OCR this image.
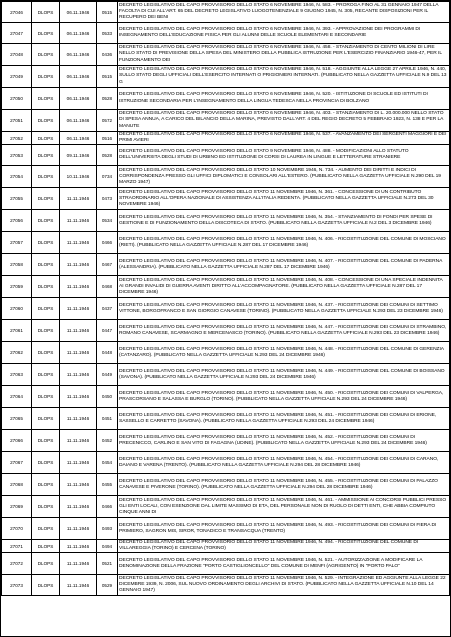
27046	DLOPS	06.11.1946	0515	DECRETO LEGISLATIVO DEL CAPO PROVVISORIO DELLO STATO 6 NOVEMBRE 1946, N. 583. - PROROGA FINO AL 31 GENNAIO 1947 DELLA FACOLTA DI CUI ALL'ART. 65 DEL DECRETO LEGISLATIVO LUOGOTENENZIALE 9 GIUGNO 1945, N. 305, RECANTE DISPOSIZIONI PER IL RECUPERO DEI BENI

27047	DLOPS	06.11.1946	0533	DECRETO LEGISLATIVO DEL CAPO PROVVISORIO DELLO STATO 6 NOVEMBRE 1946, N. 393. - APPROVAZIONE DEI PROGRAMMI DI INSEGNAMENTO DELL'EDUCAZIONE FISICA PER GLI ALUNNI DELLE SCUOLE ELEMENTARI E SECONDARIE

27048	DLOPS	06.11.1946	0436	DECRETO LEGISLATIVO DEL CAPO PROVVISORIO DELLO STATO 6 NOVEMBRE 1946, N. 458. - STANZIAMENTO DI CENTO MILIONI DI LIRE NELLO STATO DI PREVISIONE DELLA SPESA DEL MINISTERO DELLA PUBBLICA ISTRUZIONE PER L'ESERCIZIO FINANZIARIO 1946-47, PER IL FUNZIONAMENTO DEI

27049	DLOPS	06.11.1946	0515	DECRETO LEGISLATIVO DEL CAPO PROVVISORIO DELLO STATO 6 NOVEMBRE 1946, N. 518. - AGGIUNTE ALLA LEGGE 27 APRILE 1946, N. 440, SULLO STATO DEGLI UFFICIALI DELL'ESERCITO INTERNATI O PRIGIONIERI INTERNATI. (PUBBLICATO NELLA GAZZETTA UFFICIALE N.9 DEL 13 G

27050	DLOPS	06.11.1946	0528	DECRETO LEGISLATIVO DEL CAPO PROVVISORIO DELLO STATO 6 NOVEMBRE 1946, N. 520. - ISTITUZIONE DI SCUOLE ED ISTITUTI DI ISTRUZIONE SECONDARIA PER L'INSEGNAMENTO DELLA LINGUA TEDESCA NELLA PROVINCIA DI BOLZANO

27051	DLOPS	06.11.1946	0572	DECRETO LEGISLATIVO DEL CAPO PROVVISORIO DELLO STATO 6 NOVEMBRE 1946, N. 403. - STANZIAMENTO DI L. 20.000.000 NELLO STATO DI SPESA ANNUA, A CARICO DEL BILANCIO DELLA MARINA, PREVISTO DALL'ART. 4 DEL REGIO DECRETO 5 FEBBRAIO 1923, N. 138 E PER LA MANUTE

27052	DLOPS	06.11.1946	0516	DECRETO LEGISLATIVO DEL CAPO PROVVISORIO DELLO STATO 6 NOVEMBRE 1946, N. 537. - AVANZAMENTO DEI SERGENTI MAGGIORI E DEI PRIMI AVIERI

27053	DLOPS	09.11.1946	0528	DECRETO LEGISLATIVO DEL CAPO PROVVISORIO DELLO STATO 9 NOVEMBRE 1946, N. 488. - MODIFICAZIONI ALLO STATUTO DELL'UNIVERSITA DEGLI STUDI DI URBINO ED ISTITUZIONE DI CORSI DI LAUREA IN LINGUE E LETTERATURE STRANIERE

27054	DLOPS	10.11.1946	0734	DECRETO LEGISLATIVO DEL CAPO PROVVISORIO DELLO STATO 10 NOVEMBRE 1946, N. 734. - AUMENTO DEI DIRITTI E INDICI DI CORRISPONDENZA PRESSO GLI UFFICI DIPLOMATICI E CONSOLARI ALL'ESTERO. (PUBBLICATO NELLA GAZZETTA UFFICIALE N.290 DEL 19 MARZO 1947)

27055	DLOPS	11.11.1946	0473	DECRETO LEGISLATIVO DEL CAPO PROVVISORIO DELLO STATO 11 NOVEMBRE 1946, N. 361. - CONCESSIONE DI UN CONTRIBUTO STRAORDINARIO ALL'OPERA NAZIONALE DI ASSISTENZA ALL'ITALIA REDENTA. (PUBBLICATO NELLA GAZZETTA UFFICIALE N.273 DEL 30 NOVEMBRE 1946)

27056	DLOPS	11.11.1946	0534	DECRETO LEGISLATIVO DEL CAPO PROVVISORIO DELLO STATO 11 NOVEMBRE 1946, N. 354. - STANZIAMENTO DI FONDI PER SPESE DI GESTIONE E DI FUNZIONAMENTO DELLA DISCOTECA DI STATO. (PUBBLICATO NELLA GAZZETTA UFFICIALE N.2 DEL 3 DICEMBRE 1946)

27057	DLOPS	11.11.1946	0466	DECRETO LEGISLATIVO DEL CAPO PROVVISORIO DELLO STATO 11 NOVEMBRE 1946, N. 406. - RICOSTITUZIONE DEL COMUNE DI MOSCIANO (RIETI). (PUBBLICATO NELLA GAZZETTA UFFICIALE N.287 DEL 17 DICEMBRE 1946)

27058	DLOPS	11.11.1946	0467	DECRETO LEGISLATIVO DEL CAPO PROVVISORIO DELLO STATO 11 NOVEMBRE 1946, N. 407. - RICOSTITUZIONE DEL COMUNE DI PADERNA (ALESSANDRIA). (PUBBLICATO NELLA GAZZETTA UFFICIALE N.287 DEL 17 DICEMBRE 1946)

27059	DLOPS	11.11.1946	0468	DECRETO LEGISLATIVO DEL CAPO PROVVISORIO DELLO STATO 11 NOVEMBRE 1946, N. 408. - CONCESSIONE DI UNA SPECIALE INDENNITA AI GRANDI INVALIDI DI GUERRA AVENTI DIRITTO ALL'ACCOMPAGNATORE. (PUBBLICATO NELLA GAZZETTA UFFICIALE N.287 DEL 17 DICEMBRE 1946)

27060	DLOPS	11.11.1946	0437	DECRETO LEGISLATIVO DEL CAPO PROVVISORIO DELLO STATO 11 NOVEMBRE 1946, N. 437. - RICOSTITUZIONE DEI COMUNI DI SETTIMO VITTONE, BORGOFRANCO E SAN GIORGIO CANAVESE (TORINO). (PUBBLICATO NELLA GAZZETTA UFFICIALE N.293 DEL 23 DICEMBRE 1946)

27061	DLOPS	11.11.1946	0447	DECRETO LEGISLATIVO DEL CAPO PROVVISORIO DELLO STATO 11 NOVEMBRE 1946, N. 447. - RICOSTITUZIONE DEI COMUNI DI STRAMBINO, ROMANO CANAVESE, SCARMAGNO E MERCENASCO (TORINO). (PUBBLICATO NELLA GAZZETTA UFFICIALE N.293 DEL 23 DICEMBRE 1946)

27062	DLOPS	11.11.1946	0448	DECRETO LEGISLATIVO DEL CAPO PROVVISORIO DELLO STATO 11 NOVEMBRE 1946, N. 448. - RICOSTITUZIONE DEL COMUNE DI GERENZIA (CATANZARO). (PUBBLICATO NELLA GAZZETTA UFFICIALE N.293 DEL 24 DICEMBRE 1946)

27063	DLOPS	11.11.1946	0449	DECRETO LEGISLATIVO DEL CAPO PROVVISORIO DELLO STATO 11 NOVEMBRE 1946, N. 449. - RICOSTITUZIONE DEL COMUNE DI BOISSANO (SAVONA). (PUBBLICATO NELLA GAZZETTA UFFICIALE N.293 DEL 24 DICEMBRE 1946)

27064	DLOPS	11.11.1946	0450	DECRETO LEGISLATIVO DEL CAPO PROVVISORIO DELLO STATO 11 NOVEMBRE 1946, N. 450. - RICOSTITUZIONE DEI COMUNI DI VALPERGA, PRASCORSANO E SALASSA E BURGLO (TORINO). (PUBBLICATO NELLA GAZZETTA UFFICIALE N.293 DEL 24 DICEMBRE 1946)

27065	DLOPS	11.11.1946	0451	DECRETO LEGISLATIVO DEL CAPO PROVVISORIO DELLO STATO 11 NOVEMBRE 1946, N. 451. - RICOSTITUZIONE DEI COMUNI DI ERIONE, SASSELLO E CARRETTO (SAVONA). (PUBBLICATO NELLA GAZZETTA UFFICIALE N.293 DEL 24 DICEMBRE 1946)

27066	DLOPS	11.11.1946	0452	DECRETO LEGISLATIVO DEL CAPO PROVVISORIO DELLO STATO 11 NOVEMBRE 1946, N. 452. - RICOSTITUZIONE DEI COMUNI DI PRECENICCO, CARLINO E SAN VITO DI FAGAGNA (UDINE). (PUBBLICATO NELLA GAZZETTA UFFICIALE N.293 DEL 24 DICEMBRE 1946)

27067	DLOPS	11.11.1946	0454	DECRETO LEGISLATIVO DEL CAPO PROVVISORIO DELLO STATO 11 NOVEMBRE 1946, N. 454. - RICOSTITUZIONE DEI COMUNI DI CARANO, DAIANO E VARENA (TRENTO). (PUBBLICATO NELLA GAZZETTA UFFICIALE N.294 DEL 28 DICEMBRE 1946)

27068	DLOPS	11.11.1946	0455	DECRETO LEGISLATIVO DEL CAPO PROVVISORIO DELLO STATO 11 NOVEMBRE 1946, N. 455. - RICOSTITUZIONE DEI COMUNI DI PALAZZO CANAVESE E PIVERONE (TORINO). (PUBBLICATO NELLA GAZZETTA UFFICIALE N.294 DEL 28 DICEMBRE 1946)

27069	DLOPS	11.11.1946	0466	DECRETO LEGISLATIVO DEL CAPO PROVVISORIO DELLO STATO 11 NOVEMBRE 1946, N. 461. - AMMISSIONE AI CONCORSI PUBBLICI PRESSO GLI ENTI LOCALI, CON ESENZIONE DAL LIMITE MASSIMO DI ETA, DEL PERSONALE NON DI RUOLO DI DETTI ENTI, CHE ABBIA COMPIUTO CINQUE ANNI DI

27070	DLOPS	11.11.1946	0493	DECRETO LEGISLATIVO DEL CAPO PROVVISORIO DELLO STATO 11 NOVEMBRE 1946, N. 493. - RICOSTITUZIONE DEI COMUNI DI FIERA DI PRIMIERO, SAGRON MIS, SIROR, TONADICO E TRANSACQUA (TRENTO)

27071	DLOPS	11.11.1946	0494	DECRETO LEGISLATIVO DEL CAPO PROVVISORIO DELLO STATO 11 NOVEMBRE 1946, N. 494. - RICOSTITUZIONE DEL COMUNE DI VILLAREGGIA (TORINO) E CERCENA (TORINO)

27072	DLOPS	11.11.1946	0521	DECRETO LEGISLATIVO DEL CAPO PROVVISORIO DELLO STATO 11 NOVEMBRE 1946, N. 521. - AUTORIZZAZIONE A MODIFICARE LA DENOMINAZIONE DELLA FRAZIONE "PORTO CASTIGLIONCELLO" DEL COMUNE DI MENFI (AGRIGENTO) IN "PORTO PALO"

27073	DLOPS	11.11.1946	0529	DECRETO LEGISLATIVO DEL CAPO PROVVISORIO DELLO STATO 11 NOVEMBRE 1946, N. 529. - INTEGRAZIONE ED AGGIUNTE ALLA LEGGE 22 DICEMBRE 1939, N. 2006, SUL NUOVO ORDINAMENTO DEGLI ARCHIVI DI STATO. (PUBBLICATO NELLA GAZZETTA UFFICIALE N.10 DEL 14 GENNAIO 1947)
